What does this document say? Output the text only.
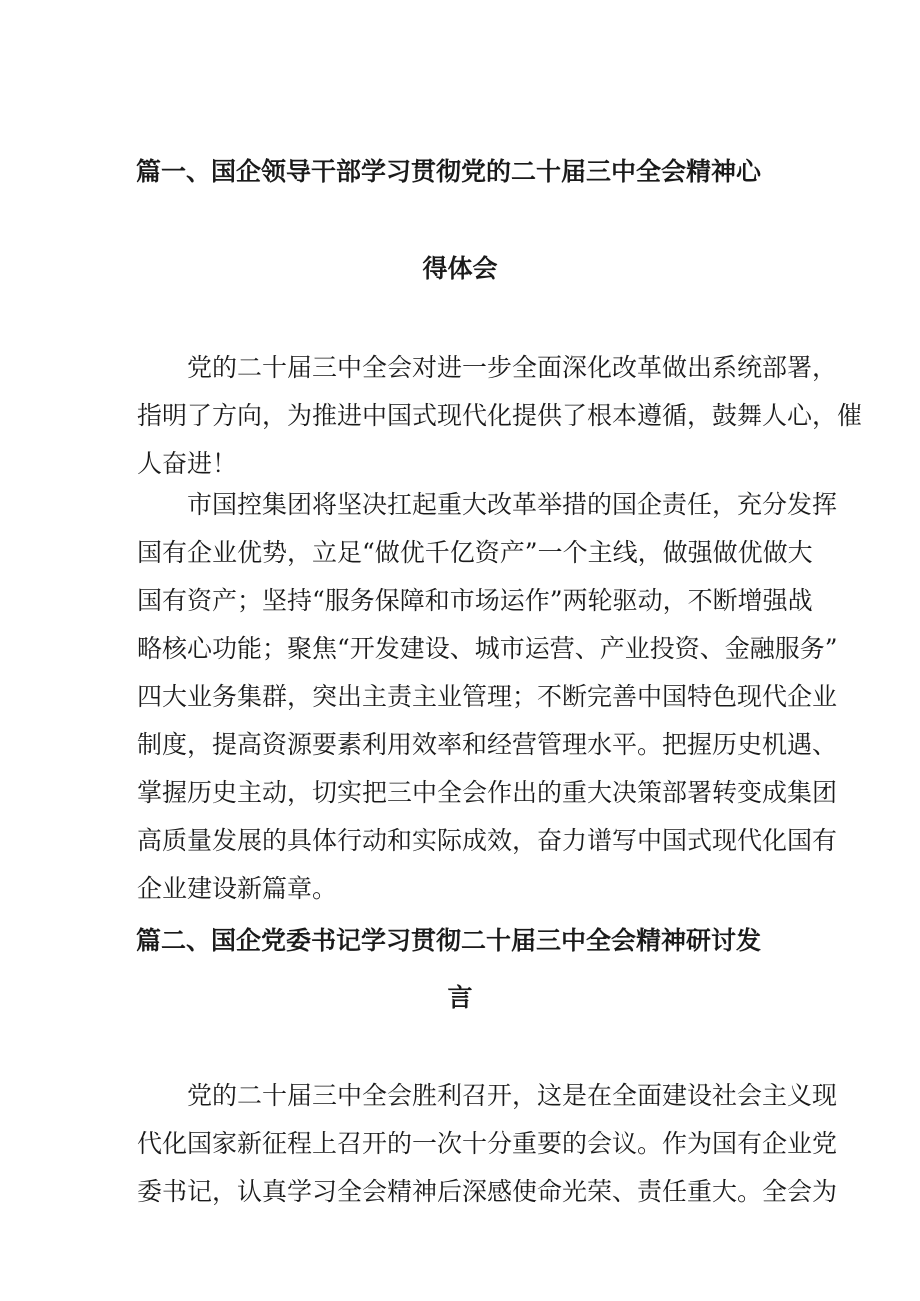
篇一、国企领导干部学习贯彻党的二十届三中全会精神心
得体会
党的二十届三中全会对进一步全面深化改革做出系统部署，
指明了方向，为推进中国式现代化提供了根本遵循，鼓舞人心，催
人奋进！
市国控集团将坚决扛起重大改革举措的国企责任，充分发挥
国有企业优势，立足“做优千亿资产”一个主线，做强做优做大
国有资产；坚持“服务保障和市场运作”两轮驱动，不断增强战
略核心功能；聚焦“开发建设、城市运营、产业投资、金融服务”
四大业务集群，突出主责主业管理；不断完善中国特色现代企业
制度，提高资源要素利用效率和经营管理水平。把握历史机遇、
掌握历史主动，切实把三中全会作出的重大决策部署转变成集团
高质量发展的具体行动和实际成效，奋力谱写中国式现代化国有
企业建设新篇章。
篇二、国企党委书记学习贯彻二十届三中全会精神研讨发
言
党的二十届三中全会胜利召开，这是在全面建设社会主义现
代化国家新征程上召开的一次十分重要的会议。作为国有企业党
委书记，认真学习全会精神后深感使命光荣、责任重大。全会为
